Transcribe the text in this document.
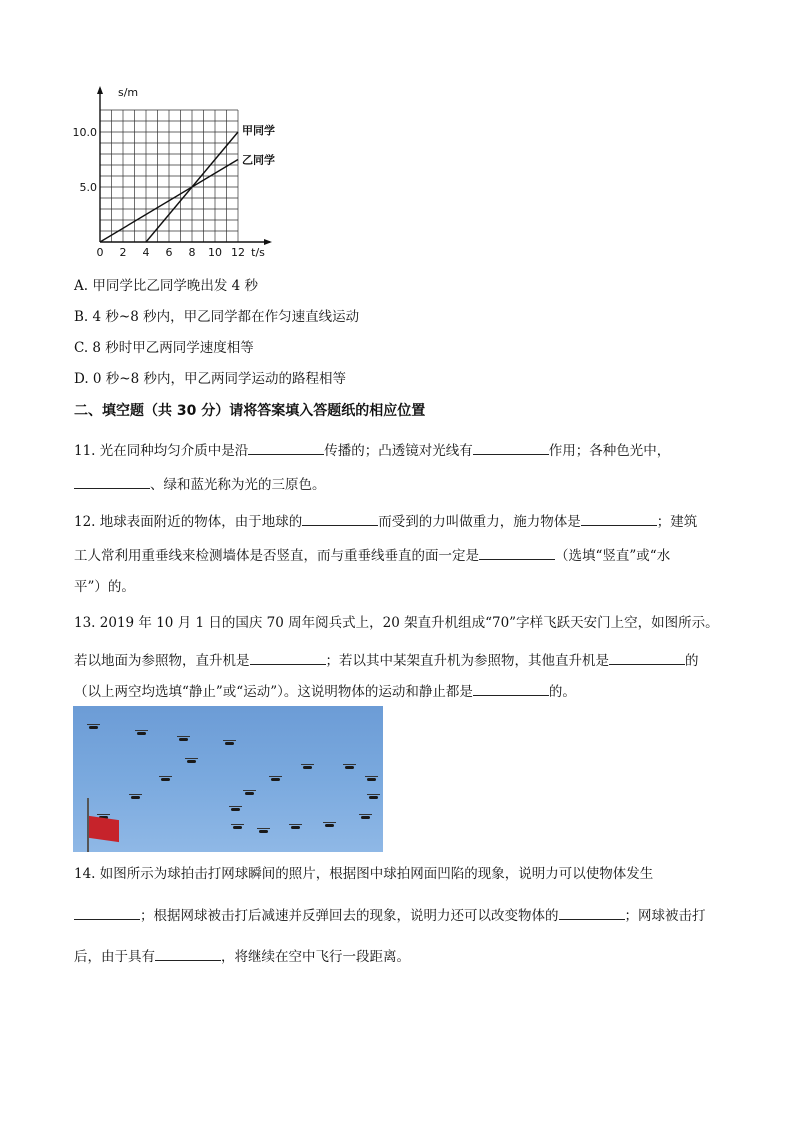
甲同学
乙同学
0 2 4 6 8 10 12
5.0
10.0
s/m
t/s
A. 甲同学比乙同学晚出发 4 秒
B. 4 秒~8 秒内，甲乙同学都在作匀速直线运动
C. 8 秒时甲乙两同学速度相等
D. 0 秒~8 秒内，甲乙两同学运动的路程相等
二、填空题（共 30 分）请将答案填入答题纸的相应位置
11. 光在同种均匀介质中是沿	传播的；凸透镜对光线有	作用；各种色光中，
、绿和蓝光称为光的三原色。
12. 地球表面附近的物体，由于地球的	而受到的力叫做重力，施力物体是	；建筑
工人常利用重垂线来检测墙体是否竖直，而与重垂线垂直的面一定是	（选填“竖直”或“水
平”）的。
13. 2019 年 10 月 1 日的国庆 70 周年阅兵式上，20 架直升机组成“70”字样飞跃天安门上空，如图所示。
若以地面为参照物，直升机是	；若以其中某架直升机为参照物，其他直升机是	的
（以上两空均选填“静止”或“运动”）。这说明物体的运动和静止都是	的。
14. 如图所示为球拍击打网球瞬间的照片，根据图中球拍网面凹陷的现象，说明力可以使物体发生
；根据网球被击打后减速并反弹回去的现象，说明力还可以改变物体的	；网球被击打
后，由于具有	，将继续在空中飞行一段距离。
